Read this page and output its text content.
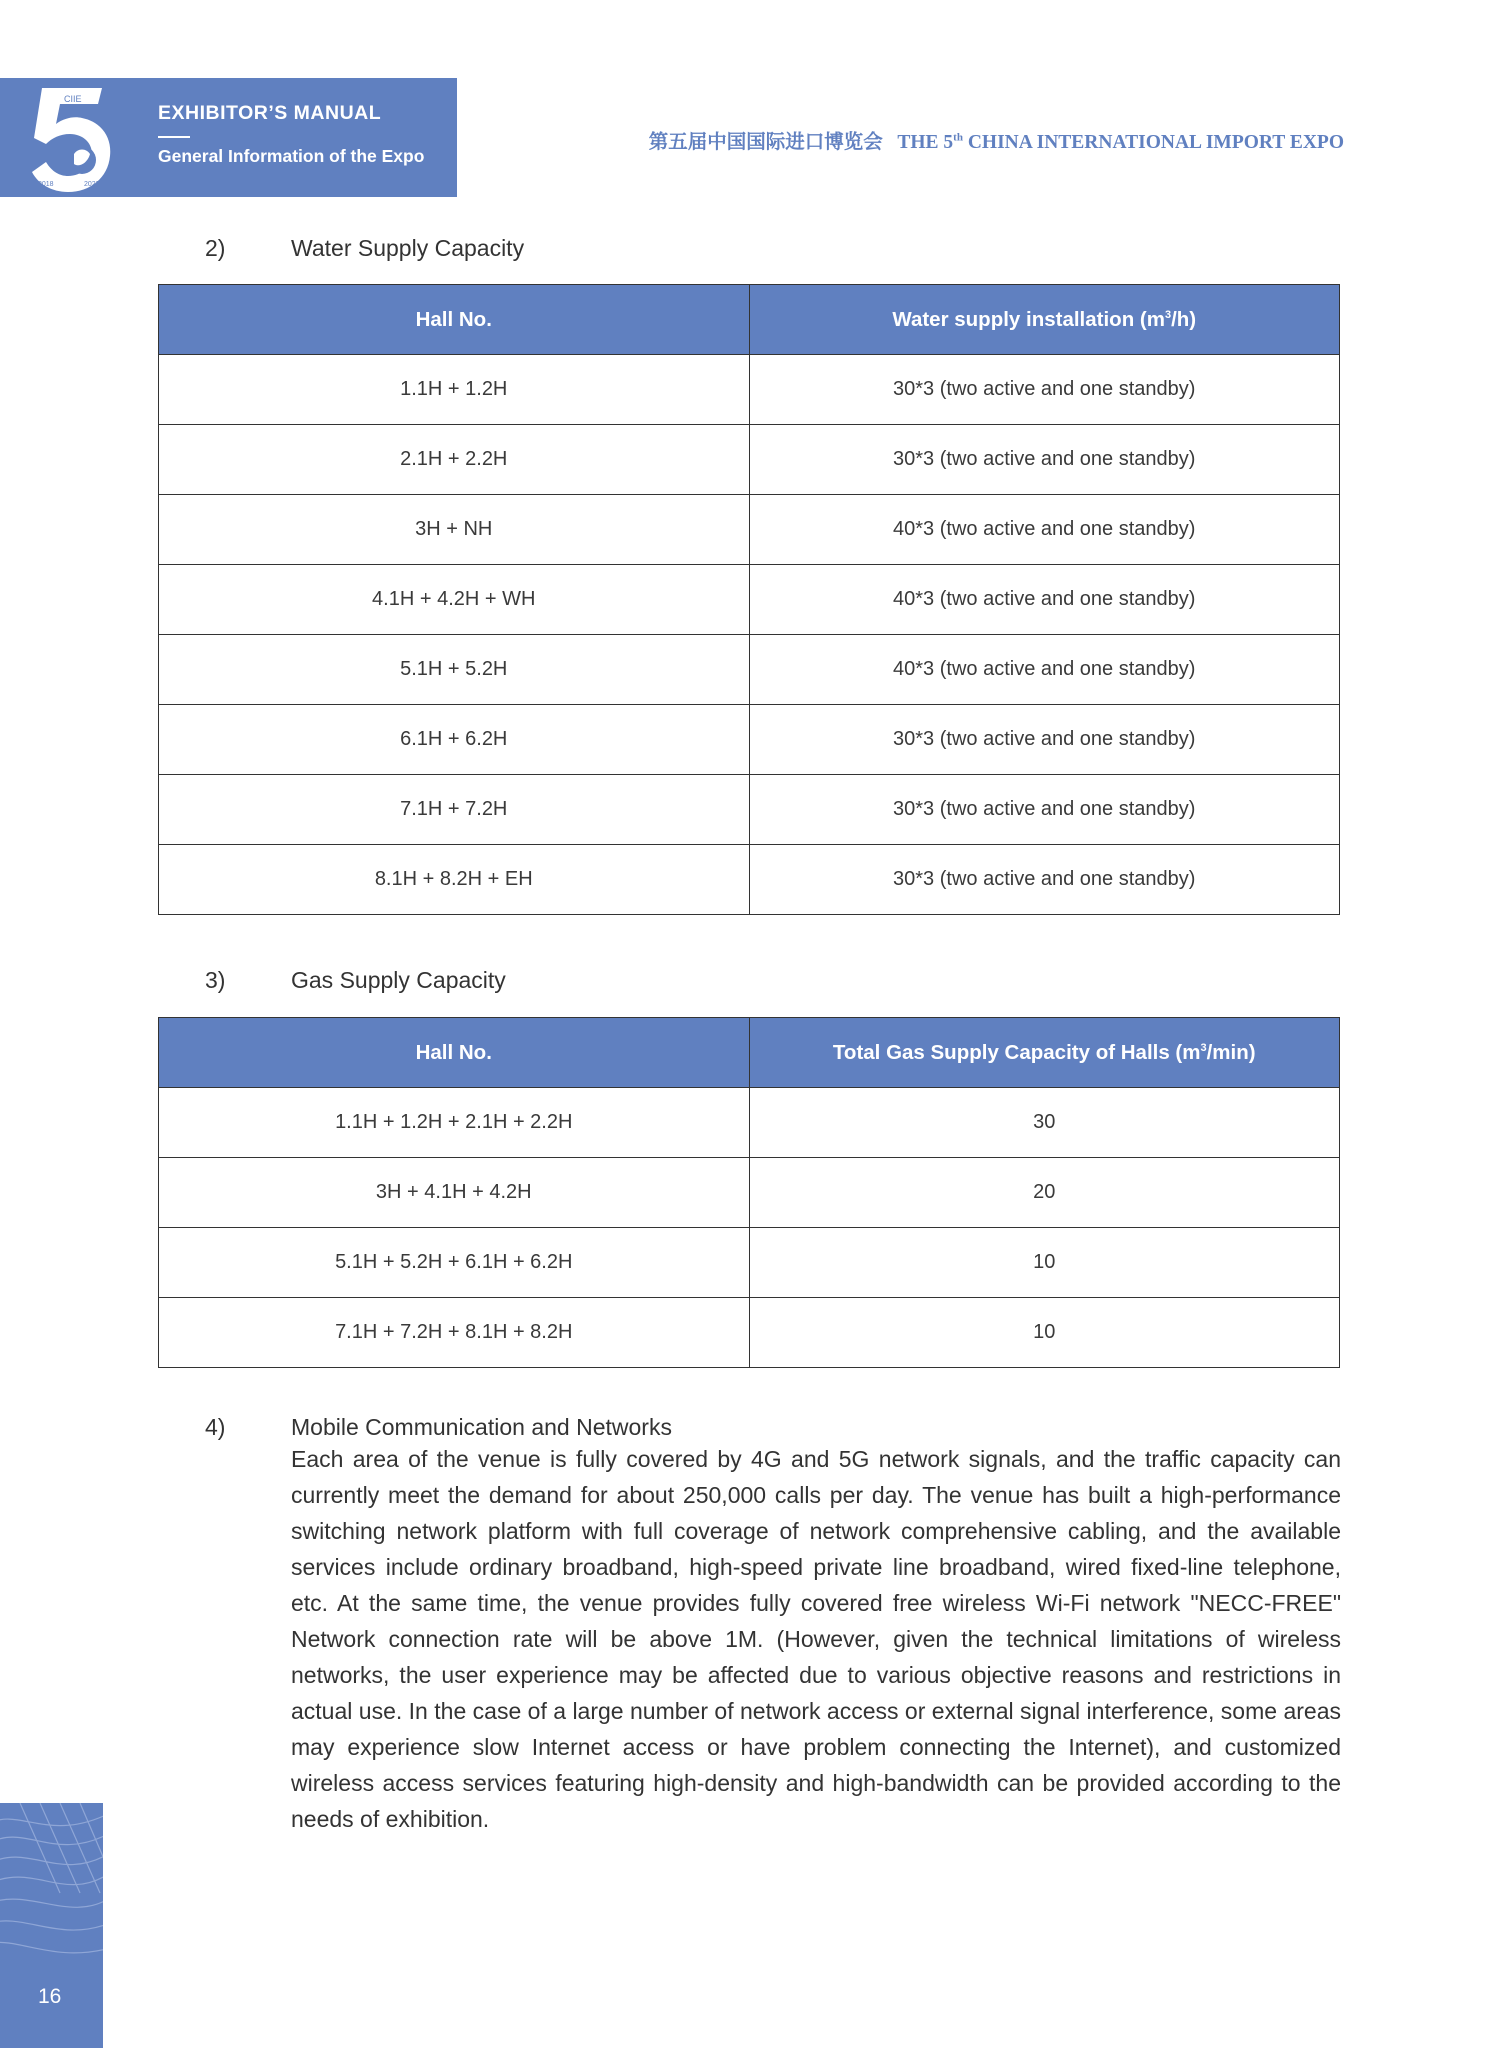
CIIE
2018	2022
EXHIBITOR’S MANUAL
General Information of the Expo
第五届中国国际进口博览会 THE 5th CHINA INTERNATIONAL IMPORT EXPO
2)	Water Supply Capacity
Hall No.	Water supply installation $(m^3/h)$
1.1H + 1.2H	30*3 (two active and one standby)
2.1H + 2.2H	30*3 (two active and one standby)
3H + NH	40*3 (two active and one standby)
4.1H + 4.2H + WH	40*3 (two active and one standby)
5.1H + 5.2H	40*3 (two active and one standby)
6.1H + 6.2H	30*3 (two active and one standby)
7.1H + 7.2H	30*3 (two active and one standby)
8.1H + 8.2H + EH	30*3 (two active and one standby)
3)	Gas Supply Capacity
Hall No.	Total Gas Supply Capacity of Halls $(m^3/\min)$
1.1H + 1.2H + 2.1H + 2.2H	30
3H + 4.1H + 4.2H	20
5.1H + 5.2H + 6.1H + 6.2H	10
7.1H + 7.2H + 8.1H + 8.2H	10
4)	Mobile Communication and Networks
Each area of the venue is fully covered by 4G and 5G network signals, and the traffic capacity can currently meet the demand for about 250,000 calls per day. The venue has built a high-performance switching network platform with full coverage of network comprehensive cabling, and the available services include ordinary broadband, high-speed private line broadband, wired fixed-line telephone, etc. At the same time, the venue provides fully covered free wireless Wi-Fi network "NECC-FREE" Network connection rate will be above 1M. (However, given the technical limitations of wireless networks, the user experience may be affected due to various objective reasons and restrictions in actual use. In the case of a large number of network access or external signal interference, some areas may experience slow Internet access or have problem connecting the Internet), and customized wireless access services featuring high-density and high-bandwidth can be provided according to the needs of exhibition.
16
